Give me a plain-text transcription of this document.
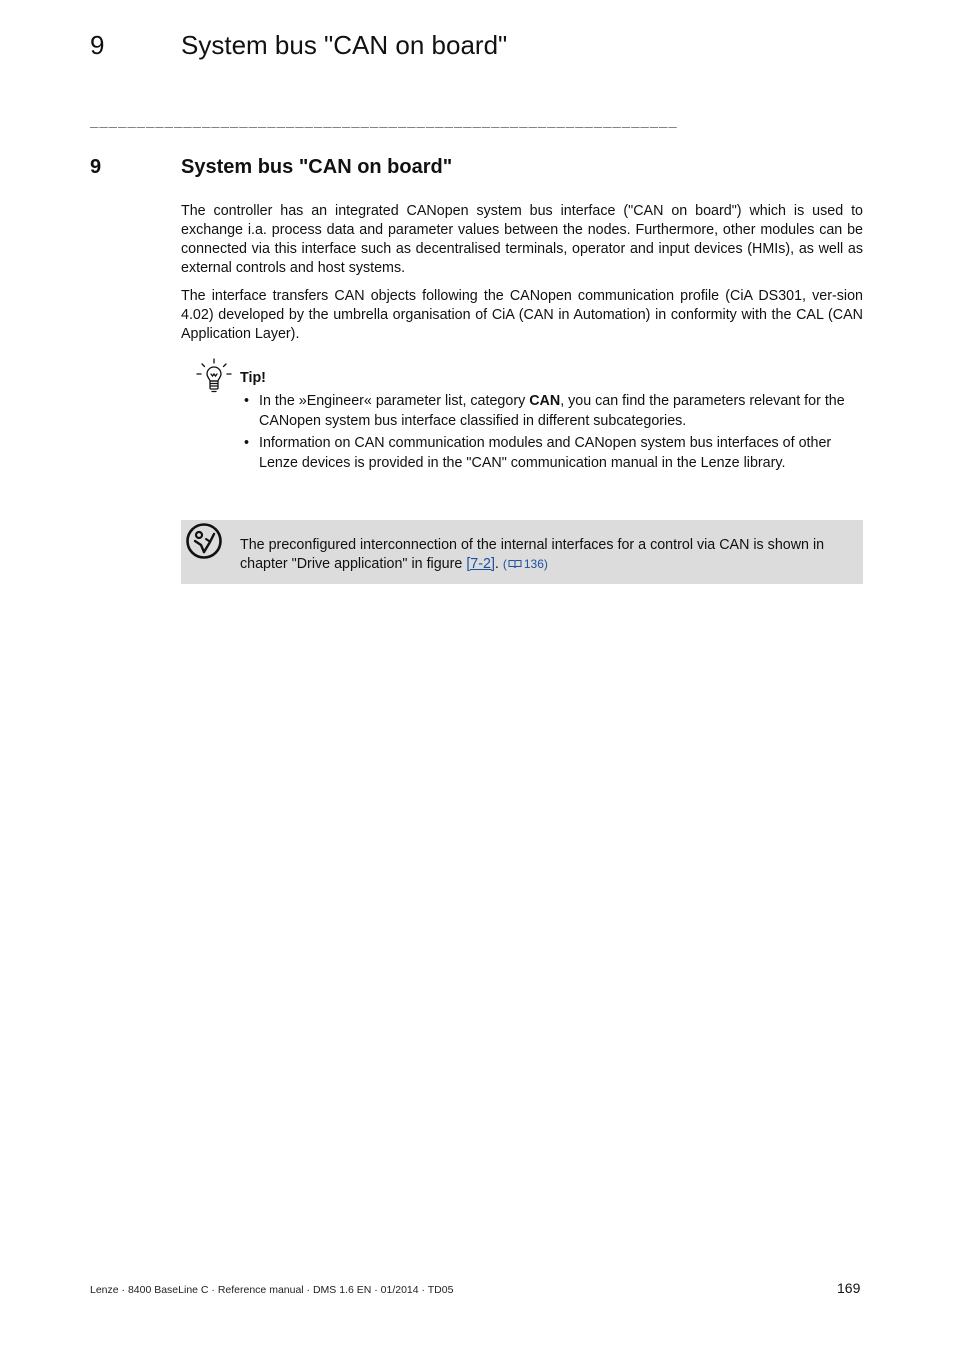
9	System bus "CAN on board"
_______________________________________________________________
9	System bus "CAN on board"

The controller has an integrated CANopen system bus interface ("CAN on board") which is used to exchange i.a. process data and parameter values between the nodes. Furthermore, other modules can be connected via this interface such as decentralised terminals, operator and input devices (HMIs), as well as external controls and host systems.

The interface transfers CAN objects following the CANopen communication profile (CiA DS301, ver-sion 4.02) developed by the umbrella organisation of CiA (CAN in Automation) in conformity with the CAL (CAN Application Layer).

Tip!
• In the »Engineer« parameter list, category CAN, you can find the parameters relevant for the CANopen system bus interface classified in different subcategories.
• Information on CAN communication modules and CANopen system bus interfaces of other Lenze devices is provided in the "CAN" communication manual in the Lenze library.
The preconfigured interconnection of the internal interfaces for a control via CAN is shown in chapter "Drive application" in figure [7-2]. ( 136)
Lenze · 8400 BaseLine C · Reference manual · DMS 1.6 EN · 01/2014 · TD05	169
